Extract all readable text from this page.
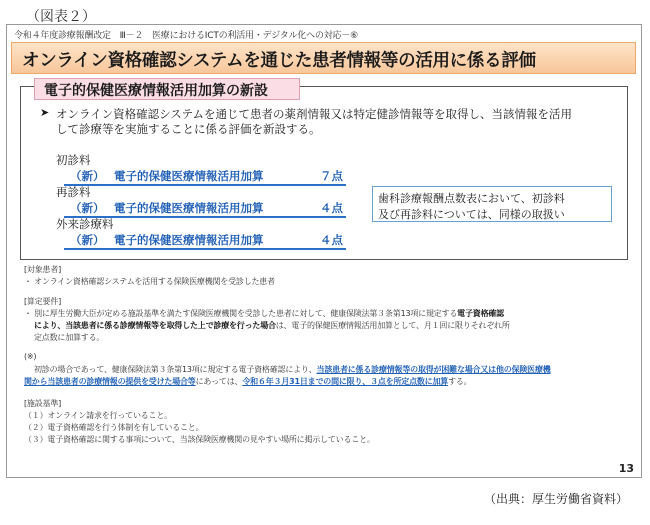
（図表２）
令和４年度診療報酬改定　Ⅲ－２　医療におけるICTの利活用・デジタル化への対応－⑥
オンライン資格確認システムを通じた患者情報等の活用に係る評価
電子的保健医療情報活用加算の新設
➤ オンライン資格確認システムを通じて患者の薬剤情報又は特定健診情報等を取得し、当該情報を活用
して診療等を実施することに係る評価を新設する。
初診料
（新） 電子的保健医療情報活用加算	７点
再診料
（新） 電子的保健医療情報活用加算	４点
外来診療料
（新） 電子的保健医療情報活用加算	４点
歯科診療報酬点数表において、初診料
及び再診料については、同様の取扱い
[対象患者]
・ オンライン資格確認システムを活用する保険医療機関を受診した患者
[算定要件]
・ 別に厚生労働大臣が定める施設基準を満たす保険医療機関を受診した患者に対して、健康保険法第３条第13項に規定する電子資格確認
により、当該患者に係る診療情報等を取得した上で診療を行った場合は、電子的保健医療情報活用加算として、月１回に限りそれぞれ所
定点数に加算する。
(※)
初診の場合であって、健康保険法第３条第13項に規定する電子資格確認により、当該患者に係る診療情報等の取得が困難な場合又は他の保険医療機
関から当該患者の診療情報の提供を受けた場合等にあっては、令和６年３月31日までの間に限り、３点を所定点数に加算する。
[施設基準]
（１）オンライン請求を行っていること。
（２）電子資格確認を行う体制を有していること。
（３）電子資格確認に関する事項について、当該保険医療機関の見やすい場所に掲示していること。
13
（出典：厚生労働省資料）
